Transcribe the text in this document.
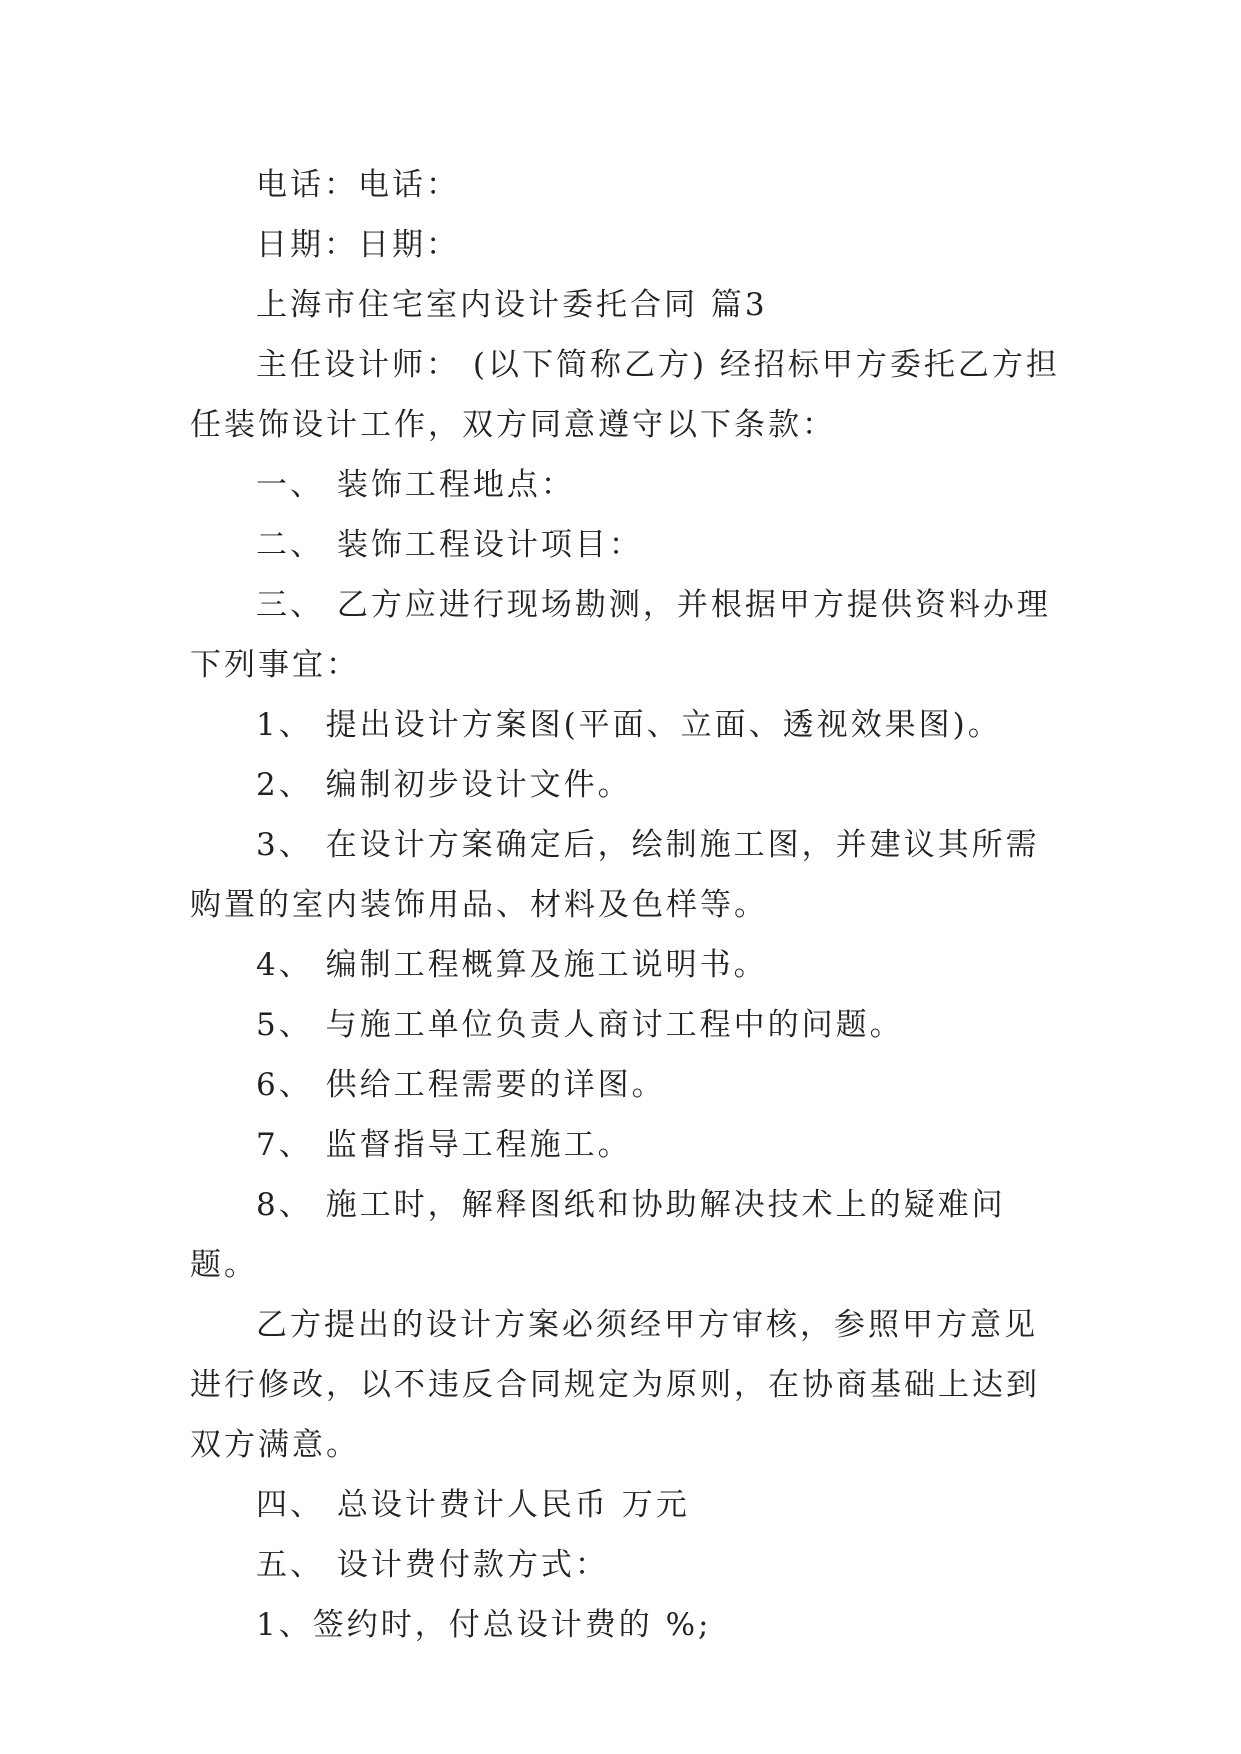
电话：电话：

日期：日期：

上海市住宅室内设计委托合同 篇3

主任设计师： (以下简称乙方) 经招标甲方委托乙方担任装饰设计工作，双方同意遵守以下条款：

一、 装饰工程地点：

二、 装饰工程设计项目：

三、 乙方应进行现场勘测，并根据甲方提供资料办理下列事宜：

1、 提出设计方案图(平面、立面、透视效果图)。

2、 编制初步设计文件。

3、 在设计方案确定后，绘制施工图，并建议其所需购置的室内装饰用品、材料及色样等。

4、 编制工程概算及施工说明书。

5、 与施工单位负责人商讨工程中的问题。

6、 供给工程需要的详图。

7、 监督指导工程施工。

8、 施工时，解释图纸和协助解决技术上的疑难问题。

乙方提出的设计方案必须经甲方审核，参照甲方意见进行修改，以不违反合同规定为原则，在协商基础上达到双方满意。

四、 总设计费计人民币 万元

五、 设计费付款方式：

1、签约时，付总设计费的 %;
